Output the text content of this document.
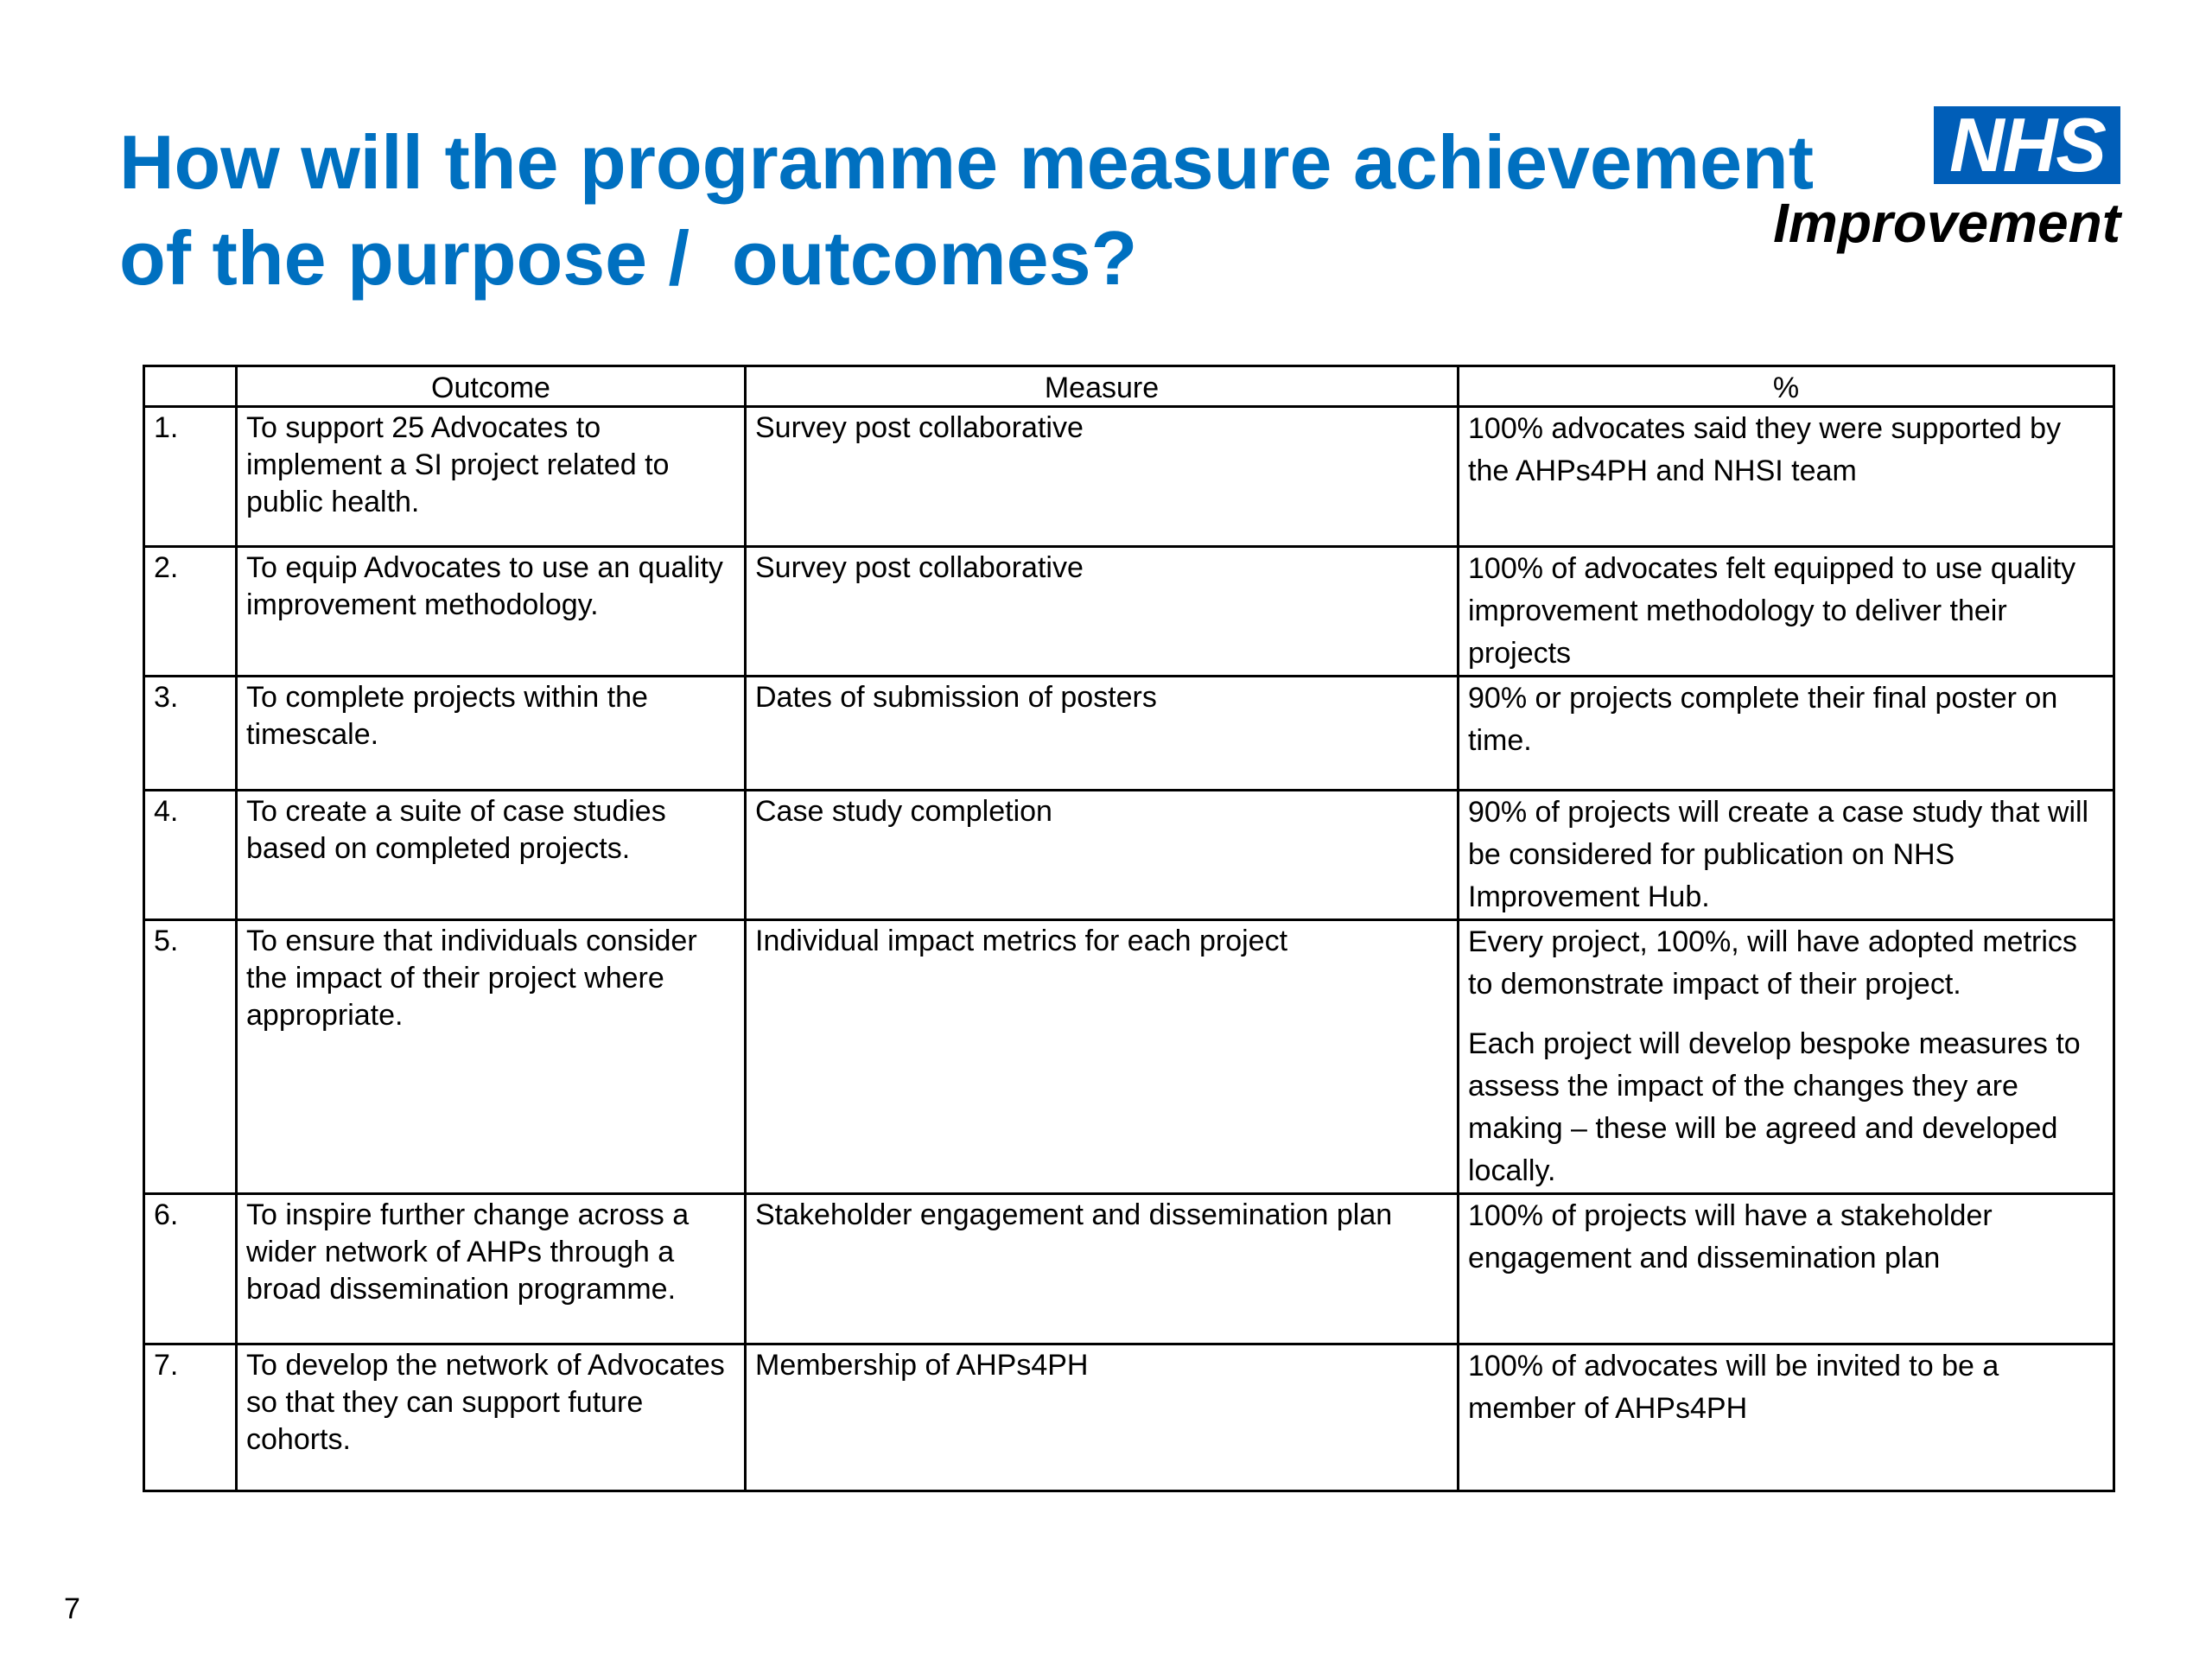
How will the programme measure achievement
of the purpose /  outcomes?
NHS
Improvement
	Outcome	Measure	%
1.	To support 25 Advocates to implement a SI project related to public health.	Survey post collaborative	100% advocates said they were supported by the AHPs4PH and NHSI team

2.	To equip Advocates to use an quality improvement methodology.	Survey post collaborative	100% of advocates felt equipped to use quality improvement methodology to deliver their projects

3.	To complete projects within the timescale.	Dates of submission of posters	90% or projects complete their final poster on time.

4.	To create a suite of case studies based on completed projects.	Case study completion	90% of projects will create a case study that will be considered for publication on NHS Improvement Hub.

5.	To ensure that individuals consider the impact of their project where appropriate.	Individual impact metrics for each project	Every project, 100%, will have adopted metrics to demonstrate impact of their project.
Each project will develop bespoke measures to assess the impact of the changes they are making – these will be agreed and developed locally.

6.	To inspire further change across a wider network of AHPs through a broad dissemination programme.	Stakeholder engagement and dissemination plan	100% of projects will have a stakeholder engagement and dissemination plan

7.	To develop the network of Advocates so that they can support future cohorts.	Membership of AHPs4PH	100% of advocates will be invited to be a member of AHPs4PH
7
